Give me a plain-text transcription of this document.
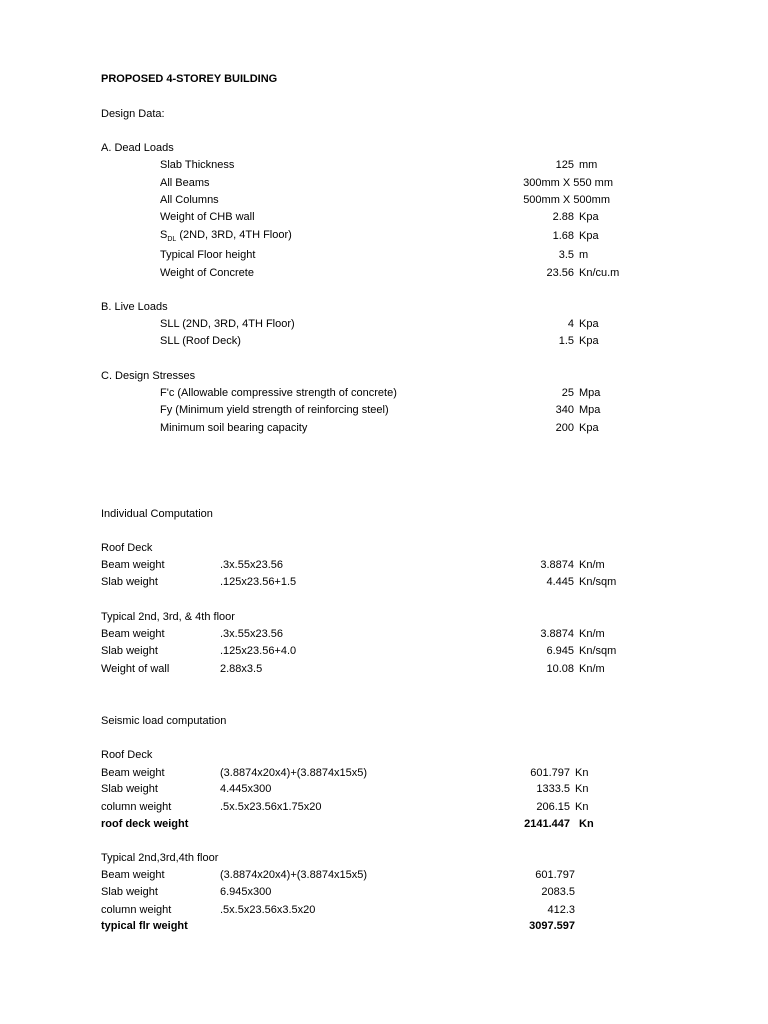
PROPOSED 4-STOREY BUILDING
Design Data:
A. Dead Loads
Slab Thickness	125 mm
All Beams	300mm X 550 mm
All Columns	500mm X 500mm
Weight of CHB wall	2.88 Kpa
$S_{DL}$ (2ND, 3RD, 4TH Floor)	1.68 Kpa
Typical Floor height	3.5 m
Weight of Concrete	23.56 Kn/cu.m
B. Live Loads
SLL (2ND, 3RD, 4TH Floor)	4 Kpa
SLL (Roof Deck)	1.5 Kpa
C. Design Stresses
F'c (Allowable compressive strength of concrete)	25 Mpa
Fy (Minimum yield strength of reinforcing steel)	340 Mpa
Minimum soil bearing capacity	200 Kpa
Individual Computation
Roof Deck
Beam weight	.3x.55x23.56	3.8874 Kn/m
Slab weight	.125x23.56+1.5	4.445 Kn/sqm
Typical 2nd, 3rd, & 4th floor
Beam weight	.3x.55x23.56	3.8874 Kn/m
Slab weight	.125x23.56+4.0	6.945 Kn/sqm
Weight of wall	2.88x3.5	10.08 Kn/m
Seismic load computation
Roof Deck
Beam weight	(3.8874x20x4)+(3.8874x15x5)	601.797 Kn
Slab weight	4.445x300	1333.5 Kn
column weight	.5x.5x23.56x1.75x20	206.15 Kn
roof deck weight	2141.447 Kn
Typical 2nd,3rd,4th floor
Beam weight	(3.8874x20x4)+(3.8874x15x5)	601.797
Slab weight	6.945x300	2083.5
column weight	.5x.5x23.56x3.5x20	412.3
typical flr weight	3097.597
